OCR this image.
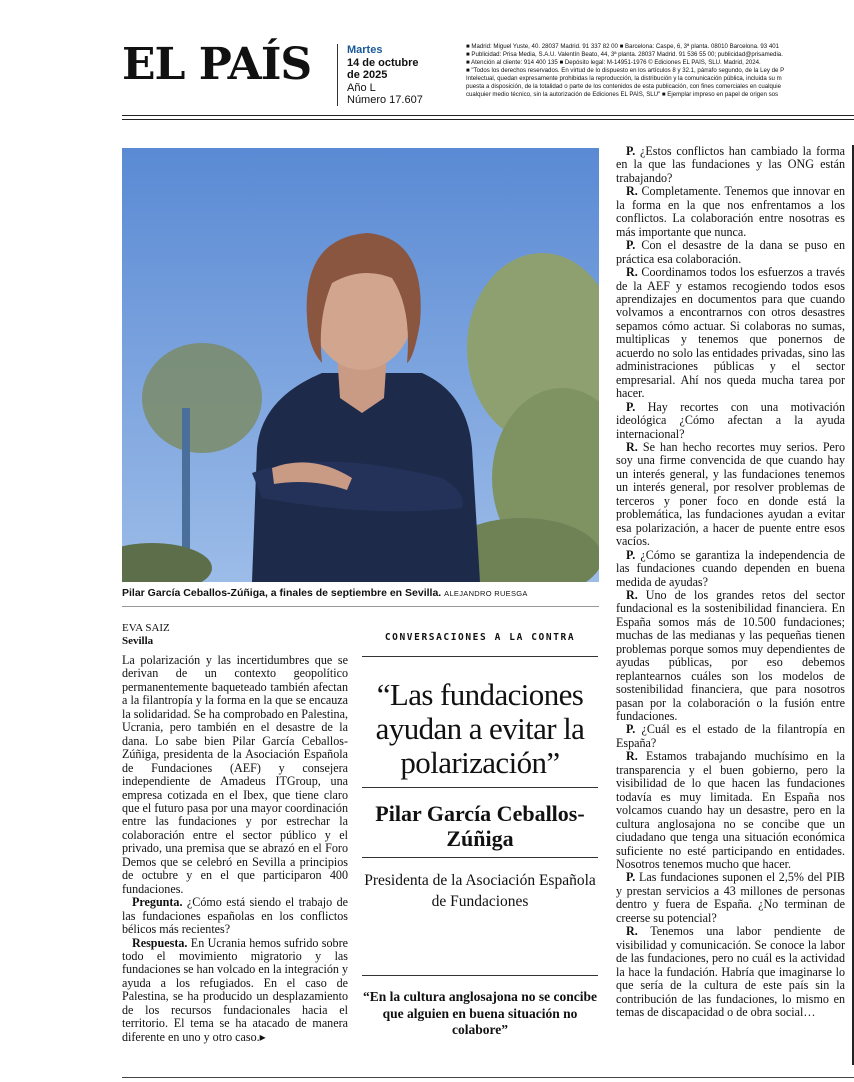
EL PAÍS	Martes
14 de octubre de 2025
Año L
Número 17.607
■ Madrid: Miguel Yuste, 40. 28037 Madrid. 91 337 82 00 ■ Barcelona: Caspe, 6, 3ª planta. 08010 Barcelona. 93 401
■ Publicidad: Prisa Media, S.A.U. Valentín Beato, 44, 3ª planta. 28037 Madrid. 91 536 55 00; publicidad@prisamedia.
■ Atención al cliente: 914 400 135 ■ Depósito legal: M-14951-1976 © Ediciones EL PAÍS, SLU. Madrid, 2024.
■ "Todos los derechos reservados. En virtud de lo dispuesto en los artículos 8 y 32.1, párrafo segundo, de la Ley de P
Intelectual, quedan expresamente prohibidas la reproducción, la distribución y la comunicación pública, incluida su m
puesta a disposición, de la totalidad o parte de los contenidos de esta publicación, con fines comerciales en cualquie
cualquier medio técnico, sin la autorización de Ediciones EL PAÍS, SLU" ■ Ejemplar impreso en papel de origen sos
Pilar García Ceballos-Zúñiga, a finales de septiembre en Sevilla. ALEJANDRO RUESGA
EVA SAIZ
Sevilla

La polarización y las incertidumbres que se derivan de un contexto geopolítico permanentemente baqueteado también afectan a la filantropía y la forma en la que se encauza la solidaridad. Se ha comprobado en Palestina, Ucrania, pero también en el desastre de la dana. Lo sabe bien Pilar García Ceballos-Zúñiga, presidenta de la Asociación Española de Fundaciones (AEF) y consejera independiente de Amadeus ITGroup, una empresa cotizada en el Ibex, que tiene claro que el futuro pasa por una mayor coordinación entre las fundaciones y por estrechar la colaboración entre el sector público y el privado, una premisa que se abrazó en el Foro Demos que se celebró en Sevilla a principios de octubre y en el que participaron 400 fundaciones.

Pregunta. ¿Cómo está siendo el trabajo de las fundaciones españolas en los conflictos bélicos más recientes?

Respuesta. En Ucrania hemos sufrido sobre todo el movimiento migratorio y las fundaciones se han volcado en la integración y ayuda a los refugiados. En el caso de Palestina, se ha producido un desplazamiento de los recursos fundacionales hacia el territorio. El tema se ha atacado de manera diferente en uno y otro caso.▸

CONVERSACIONES A LA CONTRA
“Las fundaciones ayudan a evitar la polarización”
Pilar García Ceballos-Zúñiga
Presidenta de la Asociación Española de Fundaciones
“En la cultura anglosajona no se concibe que alguien en buena situación no colabore”

P. ¿Estos conflictos han cambiado la forma en la que las fundaciones y las ONG están trabajando?

R. Completamente. Tenemos que innovar en la forma en la que nos enfrentamos a los conflictos. La colaboración entre nosotras es más importante que nunca.

P. Con el desastre de la dana se puso en práctica esa colaboración.

R. Coordinamos todos los esfuerzos a través de la AEF y estamos recogiendo todos esos aprendizajes en documentos para que cuando volvamos a encontrarnos con otros desastres sepamos cómo actuar. Si colaboras no sumas, multiplicas y tenemos que ponernos de acuerdo no solo las entidades privadas, sino las administraciones públicas y el sector empresarial. Ahí nos queda mucha tarea por hacer.

P. Hay recortes con una motivación ideológica ¿Cómo afectan a la ayuda internacional?

R. Se han hecho recortes muy serios. Pero soy una firme convencida de que cuando hay un interés general, y las fundaciones tenemos un interés general, por resolver problemas de terceros y poner foco en donde está la problemática, las fundaciones ayudan a evitar esa polarización, a hacer de puente entre esos vacíos.

P. ¿Cómo se garantiza la independencia de las fundaciones cuando dependen en buena medida de ayudas?

R. Uno de los grandes retos del sector fundacional es la sostenibilidad financiera. En España somos más de 10.500 fundaciones; muchas de las medianas y las pequeñas tienen problemas porque somos muy dependientes de ayudas públicas, por eso debemos replantearnos cuáles son los modelos de sostenibilidad financiera, que para nosotros pasan por la colaboración o la fusión entre fundaciones.

P. ¿Cuál es el estado de la filantropía en España?

R. Estamos trabajando muchísimo en la transparencia y el buen gobierno, pero la visibilidad de lo que hacen las fundaciones todavía es muy limitada. En España nos volcamos cuando hay un desastre, pero en la cultura anglosajona no se concibe que un ciudadano que tenga una situación económica suficiente no esté participando en entidades. Nosotros tenemos mucho que hacer.

P. Las fundaciones suponen el 2,5% del PIB y prestan servicios a 43 millones de personas dentro y fuera de España. ¿No terminan de creerse su potencial?

R. Tenemos una labor pendiente de visibilidad y comunicación. Se conoce la labor de las fundaciones, pero no cuál es la actividad la hace la fundación. Habría que imaginarse lo que sería de la cultura de este país sin la contribución de las fundaciones, lo mismo en temas de discapacidad o de obra social…
